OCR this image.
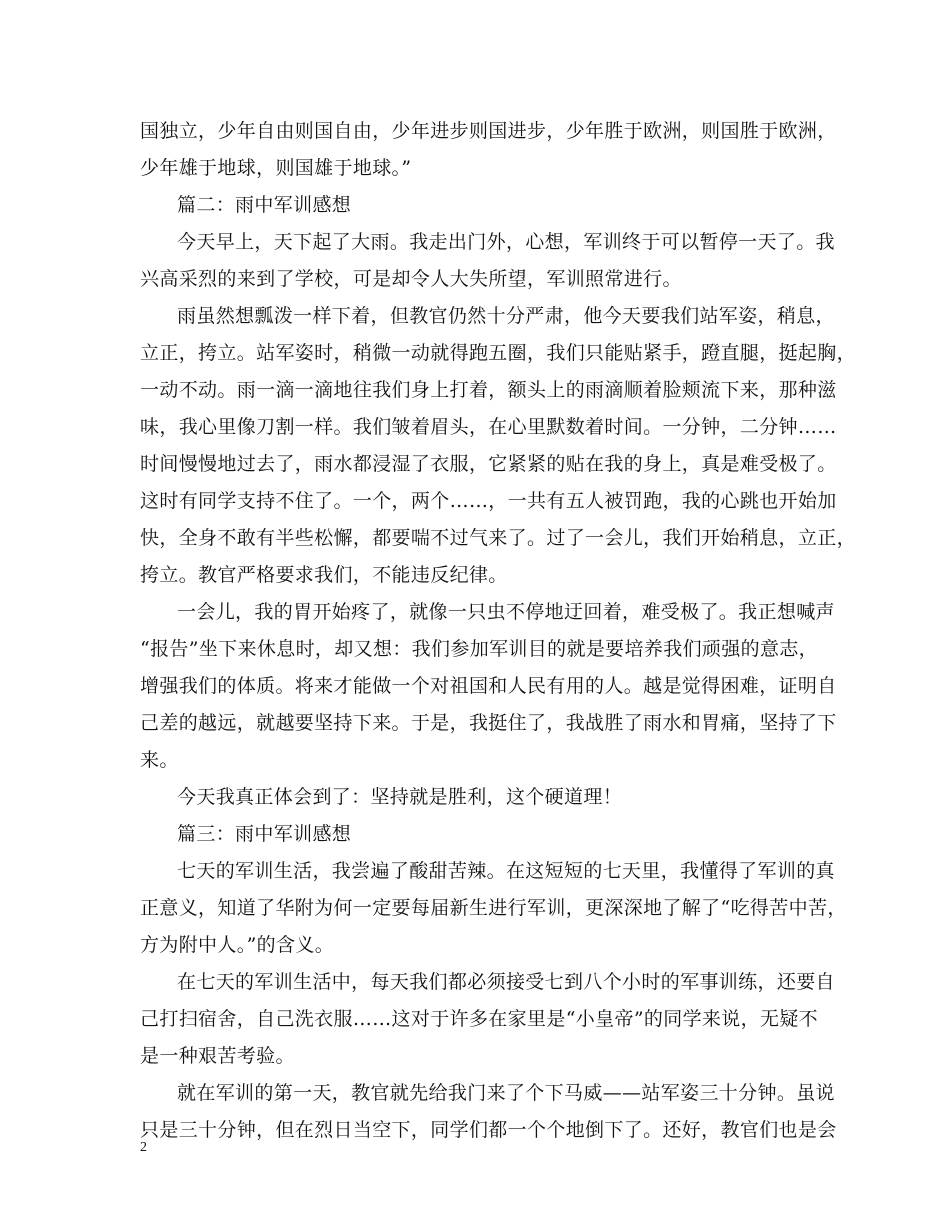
国独立，少年自由则国自由，少年进步则国进步，少年胜于欧洲，则国胜于欧洲，
少年雄于地球，则国雄于地球。”
篇二：雨中军训感想
今天早上，天下起了大雨。我走出门外，心想，军训终于可以暂停一天了。我
兴高采烈的来到了学校，可是却令人大失所望，军训照常进行。
雨虽然想瓢泼一样下着，但教官仍然十分严肃，他今天要我们站军姿，稍息，
立正，挎立。站军姿时，稍微一动就得跑五圈，我们只能贴紧手，蹬直腿，挺起胸，
一动不动。雨一滴一滴地往我们身上打着，额头上的雨滴顺着脸颊流下来，那种滋
味，我心里像刀割一样。我们皱着眉头，在心里默数着时间。一分钟，二分钟……
时间慢慢地过去了，雨水都浸湿了衣服，它紧紧的贴在我的身上，真是难受极了。
这时有同学支持不住了。一个，两个……，一共有五人被罚跑，我的心跳也开始加
快，全身不敢有半些松懈，都要喘不过气来了。过了一会儿，我们开始稍息，立正，
挎立。教官严格要求我们，不能违反纪律。
一会儿，我的胃开始疼了，就像一只虫不停地迂回着，难受极了。我正想喊声
“报告”坐下来休息时，却又想：我们参加军训目的就是要培养我们顽强的意志，
增强我们的体质。将来才能做一个对祖国和人民有用的人。越是觉得困难，证明自
己差的越远，就越要坚持下来。于是，我挺住了，我战胜了雨水和胃痛，坚持了下
来。
今天我真正体会到了：坚持就是胜利，这个硬道理！
篇三：雨中军训感想
七天的军训生活，我尝遍了酸甜苦辣。在这短短的七天里，我懂得了军训的真
正意义，知道了华附为何一定要每届新生进行军训，更深深地了解了“吃得苦中苦，
方为附中人。”的含义。
在七天的军训生活中，每天我们都必须接受七到八个小时的军事训练，还要自
己打扫宿舍，自己洗衣服……这对于许多在家里是“小皇帝”的同学来说，无疑不
是一种艰苦考验。
就在军训的第一天，教官就先给我门来了个下马威——站军姿三十分钟。虽说
只是三十分钟，但在烈日当空下，同学们都一个个地倒下了。还好，教官们也是会
2
